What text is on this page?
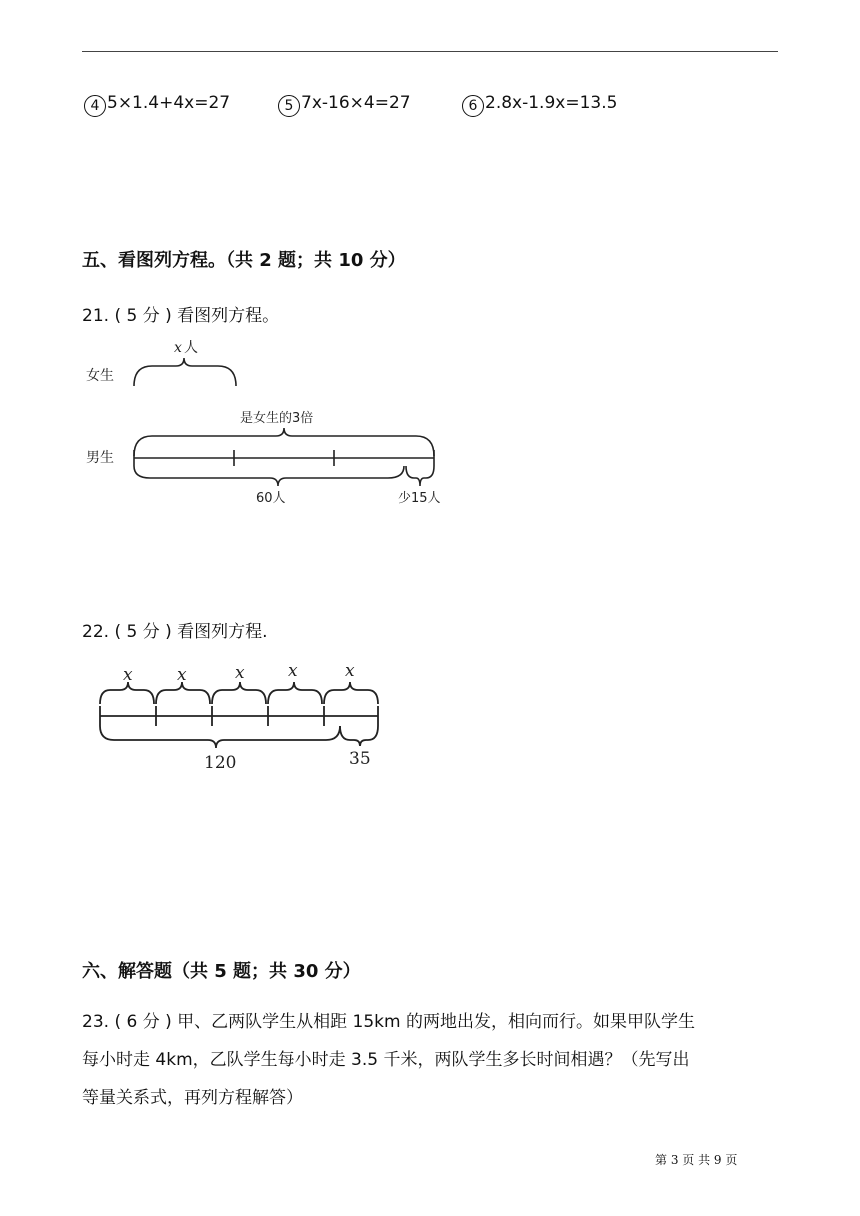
4 5×1.4+4x=27	5 7x-16×4=27	6 2.8x-1.9x=13.5
五、看图列方程。（共 2 题；共 10 分）
21. ( 5 分 ) 看图列方程。
x 人
女生
男生
是女生的3倍
60人	少15人
22. ( 5 分 ) 看图列方程.
x	x	x	x	x
120	35
六、解答题（共 5 题；共 30 分）
23. ( 6 分 ) 甲、乙两队学生从相距 15km 的两地出发，相向而行。如果甲队学生
每小时走 4km，乙队学生每小时走 3.5 千米，两队学生多长时间相遇？（先写出
等量关系式，再列方程解答）
第 3 页 共 9 页
